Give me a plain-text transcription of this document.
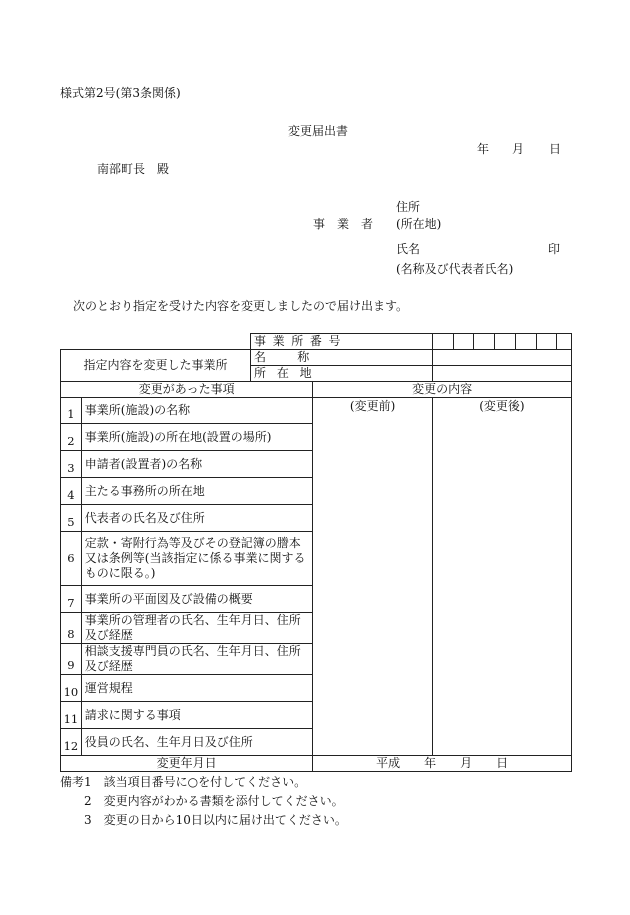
様式第2号(第3条関係)
変更届出書
年 月 日
南部町長　殿
住所
事　業　者 (所在地)
氏名	印
(名称及び代表者氏名)
次のとおり指定を受けた内容を変更しましたので届け出ます。
		事業所番号								
指定内容を変更した事業所		名称								
		所在地								
変更があった事項			変更の内容							
1	事業所(施設)の名称		(変更前)	(変更後)						

2	事業所(施設)の所在地(設置の場所)									
3	申請者(設置者)の名称									
4	主たる事務所の所在地									
5	代表者の氏名及び住所									
6	定款・寄附行為等及びその登記簿の謄本又は条例等(当該指定に係る事業に関するものに限る。)									
7	事業所の平面図及び設備の概要									
8	事業所の管理者の氏名、生年月日、住所及び経歴									
9	相談支援専門員の氏名、生年月日、住所及び経歴									
10	運営規程									
11	請求に関する事項									
12	役員の氏名、生年月日及び住所									
変更年月日			平成　　年　　月　　日							
備考1　該当項目番号に○を付してください。
2　変更内容がわかる書類を添付してください。
3　変更の日から10日以内に届け出てください。
